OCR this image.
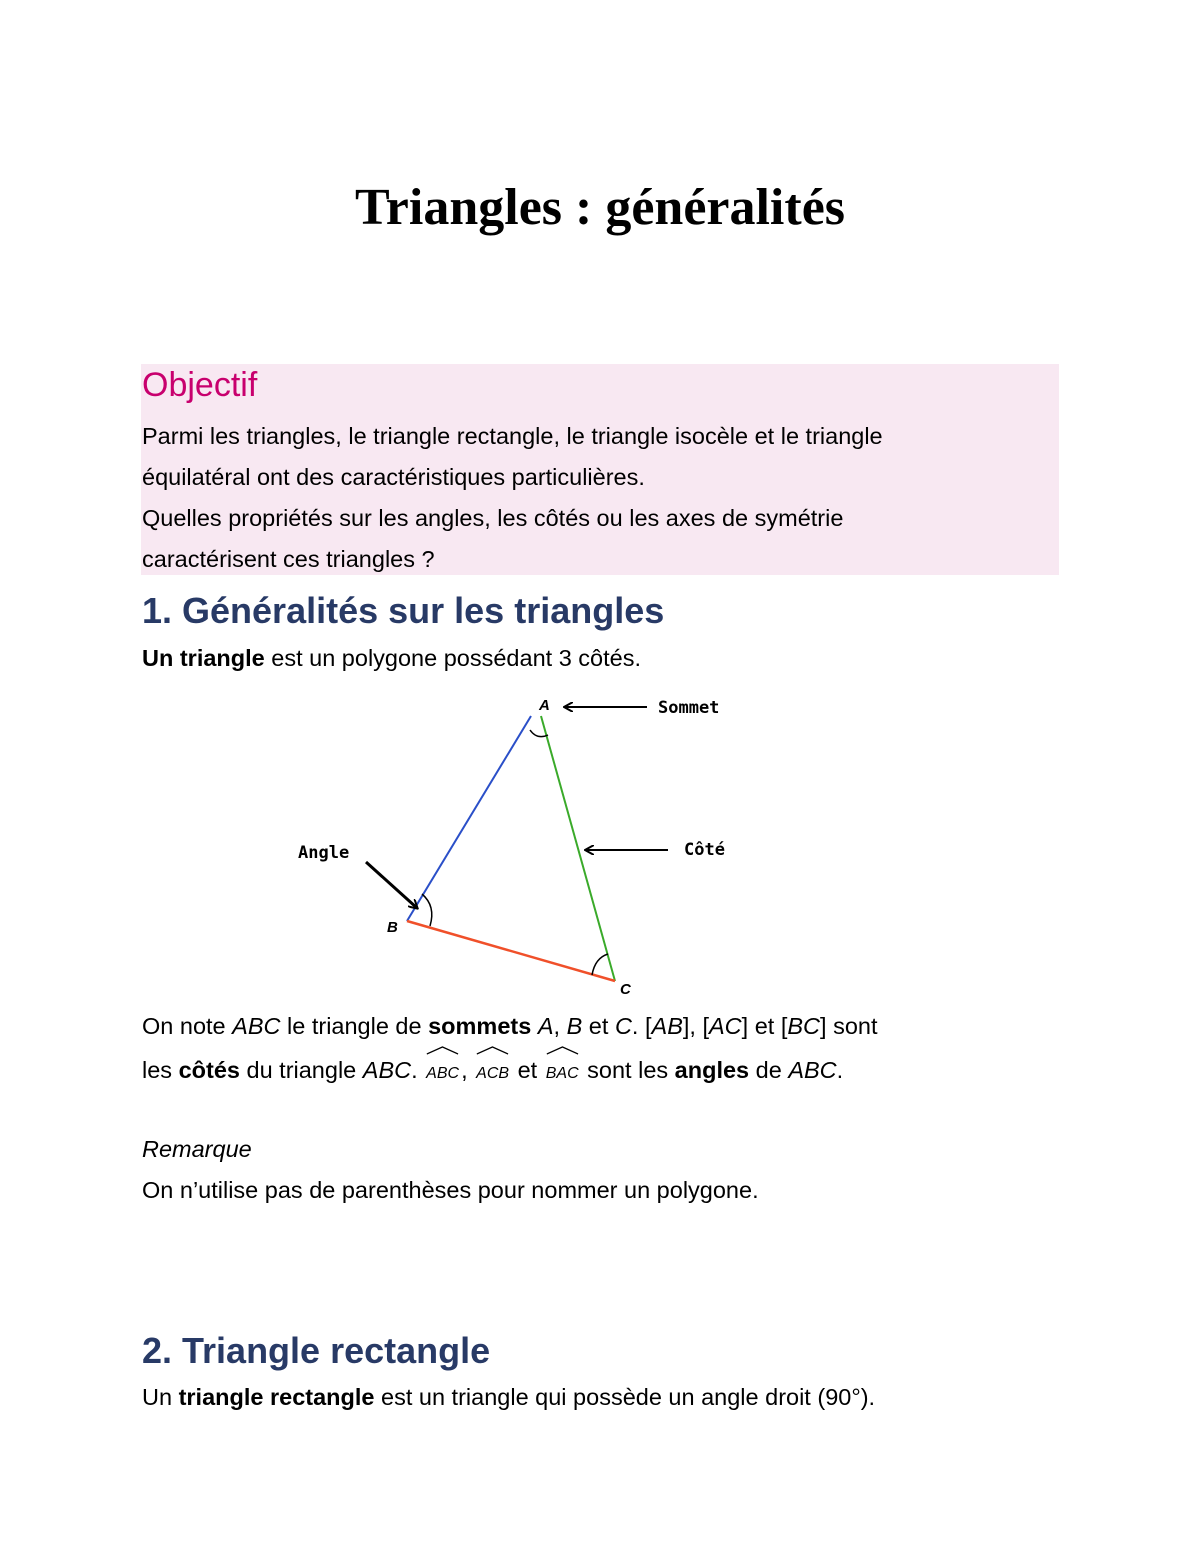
Triangles : généralités
Objectif
Parmi les triangles, le triangle rectangle, le triangle isocèle et le triangle
équilatéral ont des caractéristiques particulières.
Quelles propriétés sur les angles, les côtés ou les axes de symétrie
caractérisent ces triangles ?
1. Généralités sur les triangles
Un triangle est un polygone possédant 3 côtés.
A
B
C
Sommet
Côté
Angle
On note ABC le triangle de sommets A, B et C. [AB], [AC] et [BC] sont
les côtés du triangle ABC.
ABC,
ACB et
BAC sont les angles de ABC.
Remarque
On n’utilise pas de parenthèses pour nommer un polygone.
2. Triangle rectangle
Un triangle rectangle est un triangle qui possède un angle droit (90°).
